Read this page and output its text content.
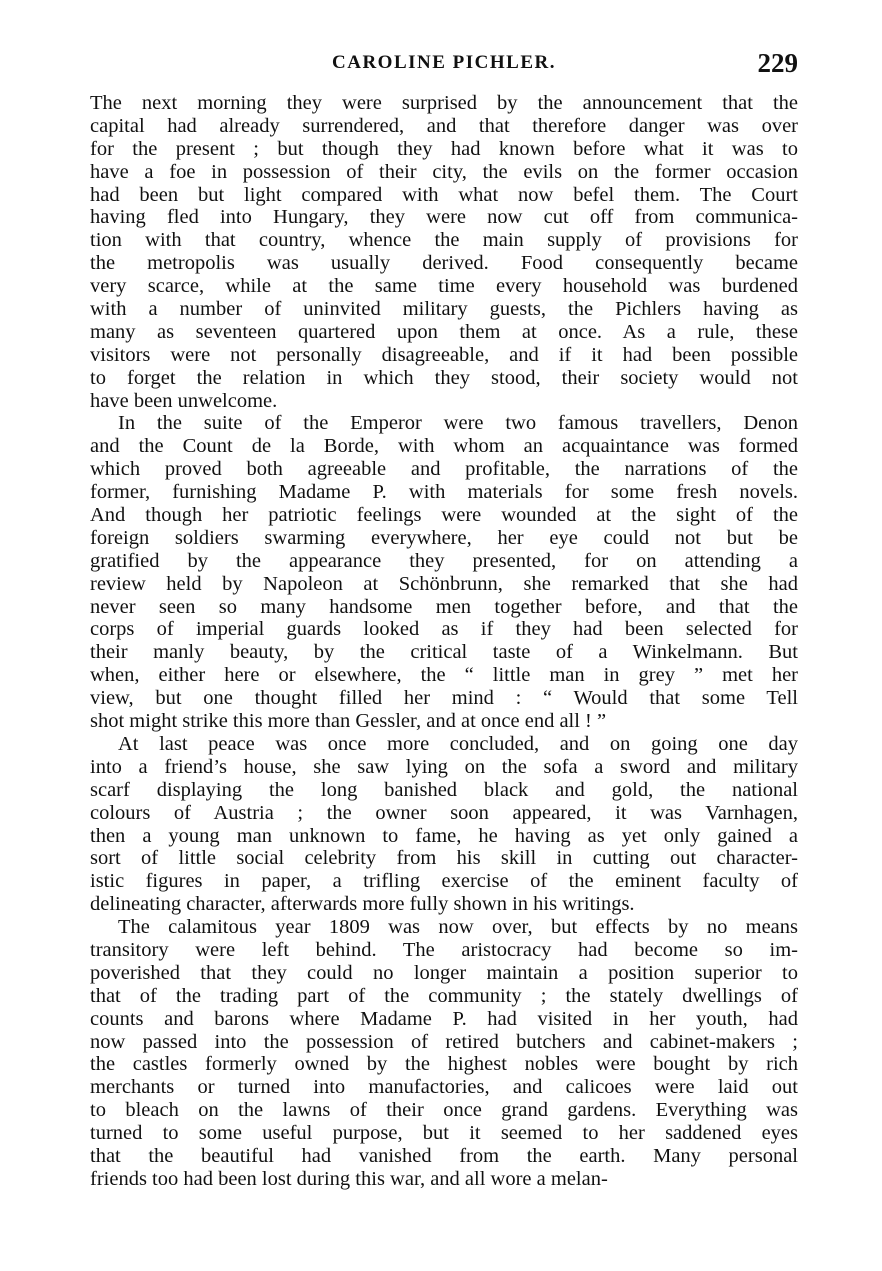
CAROLINE PICHLER.	229
The next morning they were surprised by the announcement that the
capital had already surrendered, and that therefore danger was over
for the present ; but though they had known before what it was to
have a foe in possession of their city, the evils on the former occasion
had been but light compared with what now befel them. The Court
having fled into Hungary, they were now cut off from communica-
tion with that country, whence the main supply of provisions for
the metropolis was usually derived. Food consequently became
very scarce, while at the same time every household was burdened
with a number of uninvited military guests, the Pichlers having as
many as seventeen quartered upon them at once. As a rule, these
visitors were not personally disagreeable, and if it had been possible
to forget the relation in which they stood, their society would not
have been unwelcome.
In the suite of the Emperor were two famous travellers, Denon
and the Count de la Borde, with whom an acquaintance was formed
which proved both agreeable and profitable, the narrations of the
former, furnishing Madame P. with materials for some fresh novels.
And though her patriotic feelings were wounded at the sight of the
foreign soldiers swarming everywhere, her eye could not but be
gratified by the appearance they presented, for on attending a
review held by Napoleon at Schönbrunn, she remarked that she had
never seen so many handsome men together before, and that the
corps of imperial guards looked as if they had been selected for
their manly beauty, by the critical taste of a Winkelmann. But
when, either here or elsewhere, the “ little man in grey ” met her
view, but one thought filled her mind : “ Would that some Tell
shot might strike this more than Gessler, and at once end all ! ”
At last peace was once more concluded, and on going one day
into a friend’s house, she saw lying on the sofa a sword and military
scarf displaying the long banished black and gold, the national
colours of Austria ; the owner soon appeared, it was Varnhagen,
then a young man unknown to fame, he having as yet only gained a
sort of little social celebrity from his skill in cutting out character-
istic figures in paper, a trifling exercise of the eminent faculty of
delineating character, afterwards more fully shown in his writings.
The calamitous year 1809 was now over, but effects by no means
transitory were left behind. The aristocracy had become so im-
poverished that they could no longer maintain a position superior to
that of the trading part of the community ; the stately dwellings of
counts and barons where Madame P. had visited in her youth, had
now passed into the possession of retired butchers and cabinet-makers ;
the castles formerly owned by the highest nobles were bought by rich
merchants or turned into manufactories, and calicoes were laid out
to bleach on the lawns of their once grand gardens. Everything was
turned to some useful purpose, but it seemed to her saddened eyes
that the beautiful had vanished from the earth. Many personal
friends too had been lost during this war, and all wore a melan-
